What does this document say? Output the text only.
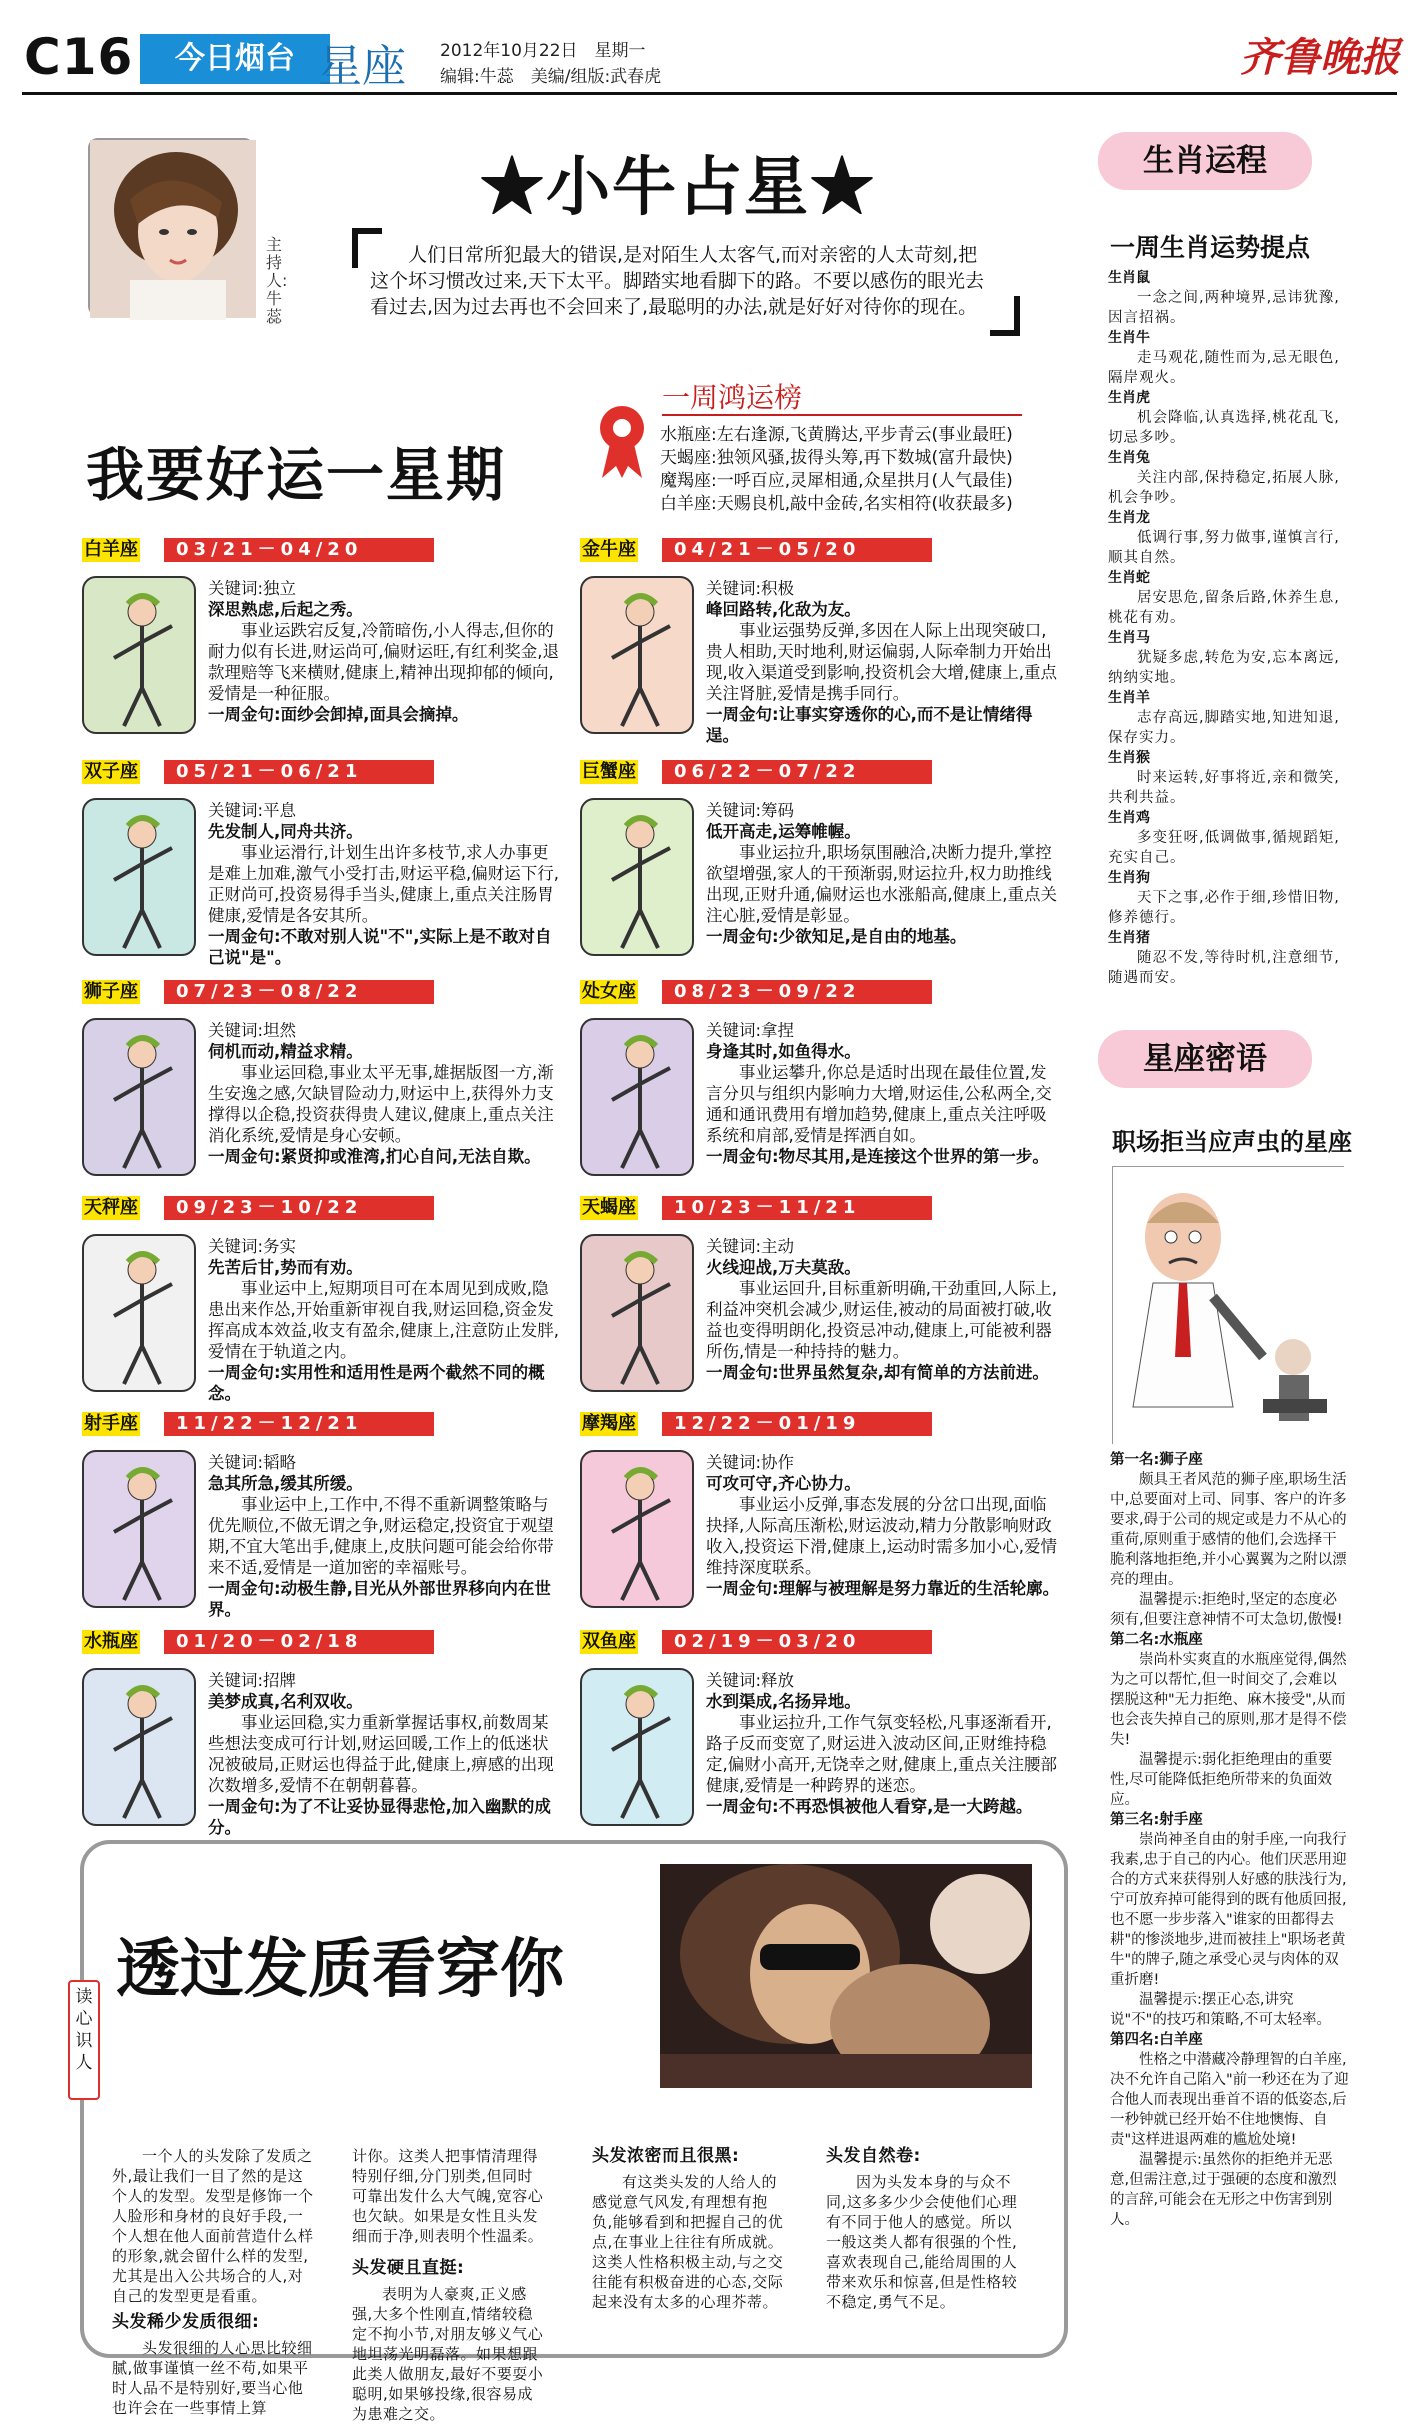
C16	今日烟台 星座 2012年10月22日　星期一
编辑:牛蕊　美编/组版:武春虎	齐鲁晚报
主持人:牛蕊
★小牛占星★
人们日常所犯最大的错误,是对陌生人太客气,而对亲密的人太苛刻,把这个坏习惯改过来,天下太平。脚踏实地看脚下的路。不要以感伤的眼光去看过去,因为过去再也不会回来了,最聪明的办法,就是好好对待你的现在。
一周鸿运榜
水瓶座:左右逢源,飞黄腾达,平步青云(事业最旺)
天蝎座:独领风骚,拔得头筹,再下数城(富升最快)
魔羯座:一呼百应,灵犀相通,众星拱月(人气最佳)
白羊座:天赐良机,敲中金砖,名实相符(收获最多)
我要好运一星期
白羊座	03/21－04/20
关键词:独立
深思熟虑,后起之秀。
事业运跌宕反复,冷箭暗伤,小人得志,但你的耐力似有长进,财运尚可,偏财运旺,有红利奖金,退款理赔等飞来横财,健康上,精神出现抑郁的倾向,爱情是一种征服。
一周金句:面纱会卸掉,面具会摘掉。
金牛座	04/21－05/20
关键词:积极
峰回路转,化敌为友。
事业运强势反弹,多因在人际上出现突破口,贵人相助,天时地利,财运偏弱,人际牵制力开始出现,收入渠道受到影响,投资机会大增,健康上,重点关注肾脏,爱情是携手同行。
一周金句:让事实穿透你的心,而不是让情绪得逞。
双子座	05/21－06/21
关键词:平息
先发制人,同舟共济。
事业运滑行,计划生出许多枝节,求人办事更是难上加难,激气小受打击,财运平稳,偏财运下行,正财尚可,投资易得手当头,健康上,重点关注肠胃健康,爱情是各安其所。
一周金句:不敢对别人说"不",实际上是不敢对自己说"是"。
巨蟹座	06/22－07/22
关键词:筹码
低开高走,运筹帷幄。
事业运拉升,职场氛围融洽,决断力提升,掌控欲望增强,家人的干预渐弱,财运拉升,权力助推线出现,正财升通,偏财运也水涨船高,健康上,重点关注心脏,爱情是彰显。
一周金句:少欲知足,是自由的地基。
狮子座	07/23－08/22
关键词:坦然
伺机而动,精益求精。
事业运回稳,事业太平无事,雄据版图一方,渐生安逸之感,欠缺冒险动力,财运中上,获得外力支撑得以企稳,投资获得贵人建议,健康上,重点关注消化系统,爱情是身心安顿。
一周金句:紧贤抑或淮湾,扪心自问,无法自欺。
处女座	08/23－09/22
关键词:拿捏
身逢其时,如鱼得水。
事业运攀升,你总是适时出现在最佳位置,发言分贝与组织内影响力大增,财运佳,公私两全,交通和通讯费用有增加趋势,健康上,重点关注呼吸系统和肩部,爱情是挥洒自如。
一周金句:物尽其用,是连接这个世界的第一步。
天秤座	09/23－10/22
关键词:务实
先苦后甘,势而有劝。
事业运中上,短期项目可在本周见到成败,隐患出来作怂,开始重新审视自我,财运回稳,资金发挥高成本效益,收支有盈余,健康上,注意防止发胖,爱情在于轨道之内。
一周金句:实用性和适用性是两个截然不同的概念。
天蝎座	10/23－11/21
关键词:主动
火线迎战,万夫莫敌。
事业运回升,目标重新明确,干劲重回,人际上,利益冲突机会减少,财运佳,被动的局面被打破,收益也变得明朗化,投资忌冲动,健康上,可能被利器所伤,情是一种持持的魅力。
一周金句:世界虽然复杂,却有简单的方法前进。
射手座	11/22－12/21
关键词:韬略
急其所急,缓其所缓。
事业运中上,工作中,不得不重新调整策略与优先顺位,不做无谓之争,财运稳定,投资宜于观望期,不宜大笔出手,健康上,皮肤问题可能会给你带来不适,爱情是一道加密的幸福账号。
一周金句:动极生静,目光从外部世界移向内在世界。
摩羯座	12/22－01/19
关键词:协作
可攻可守,齐心协力。
事业运小反弹,事态发展的分岔口出现,面临抉择,人际高压渐松,财运波动,精力分散影响财政收入,投资运下滑,健康上,运动时需多加小心,爱情维持深度联系。
一周金句:理解与被理解是努力靠近的生活轮廓。
水瓶座	01/20－02/18
关键词:招牌
美梦成真,名利双收。
事业运回稳,实力重新掌握话事权,前数周某些想法变成可行计划,财运回暖,工作上的低迷状况被破局,正财运也得益于此,健康上,痹感的出现次数增多,爱情不在朝朝暮暮。
一周金句:为了不让妥协显得悲怆,加入幽默的成分。
双鱼座	02/19－03/20
关键词:释放
水到渠成,名扬异地。
事业运拉升,工作气氛变轻松,凡事逐渐看开,路子反而变宽了,财运进入波动区间,正财维持稳定,偏财小高开,无饶幸之财,健康上,重点关注腰部健康,爱情是一种跨界的迷恋。
一周金句:不再恐惧被他人看穿,是一大跨越。
生肖运程
一周生肖运势提点
生肖鼠
一念之间,两种境界,忌讳犹豫,因言招祸。
生肖牛
走马观花,随性而为,忌无眼色,隔岸观火。
生肖虎
机会降临,认真选择,桃花乱飞,切忌多吵。
生肖兔
关注内部,保持稳定,拓展人脉,机会争吵。
生肖龙
低调行事,努力做事,谨慎言行,顺其自然。
生肖蛇
居安思危,留条后路,休养生息,桃花有劝。
生肖马
犹疑多虑,转危为安,忘本离远,纳纳实地。
生肖羊
志存高远,脚踏实地,知进知退,保存实力。
生肖猴
时来运转,好事将近,亲和微笑,共利共益。
生肖鸡
多变狂呀,低调做事,循规蹈矩,充实自己。
生肖狗
天下之事,必作于细,珍惜旧物,修养德行。
生肖猪
随忍不发,等待时机,注意细节,随遇而安。
星座密语
职场拒当应声虫的星座
第一名:狮子座
颇具王者风范的狮子座,职场生活中,总要面对上司、同事、客户的许多要求,碍于公司的规定或是力不从心的重荷,原则重于感情的他们,会选择干脆利落地拒绝,并小心翼翼为之附以漂亮的理由。
温馨提示:拒绝时,坚定的态度必须有,但要注意神情不可太急切,傲慢!
第二名:水瓶座
崇尚朴实爽直的水瓶座觉得,偶然为之可以帮忙,但一时间交了,会难以摆脱这种"无力拒绝、麻木接受",从而也会丧失掉自己的原则,那才是得不偿失!
温馨提示:弱化拒绝理由的重要性,尽可能降低拒绝所带来的负面效应。
第三名:射手座
崇尚神圣自由的射手座,一向我行我素,忠于自己的内心。他们厌恶用迎合的方式来获得别人好感的肤浅行为,宁可放弃掉可能得到的既有他质回报,也不愿一步步落入"谁家的田都得去耕"的惨淡地步,进而被挂上"职场老黄牛"的牌子,随之承受心灵与肉体的双重折磨!
温馨提示:摆正心态,讲究说"不"的技巧和策略,不可太轻率。
第四名:白羊座
性格之中潜藏冷静理智的白羊座,决不允许自己陷入"前一秒还在为了迎合他人而表现出垂首不语的低姿态,后一秒钟就已经开始不住地懊悔、自责"这样进退两难的尴尬处境!
温馨提示:虽然你的拒绝并无恶意,但需注意,过于强硬的态度和激烈的言辞,可能会在无形之中伤害到别人。
透过发质看穿你
读心识人
一个人的头发除了发质之外,最让我们一目了然的是这个人的发型。发型是修饰一个人脸形和身材的良好手段,一个人想在他人面前营造什么样的形象,就会留什么样的发型,尤其是出入公共场合的人,对自己的发型更是看重。
头发稀少发质很细:
头发很细的人心思比较细腻,做事谨慎一丝不苟,如果平时人品不是特别好,要当心他也许会在一些事情上算
计你。这类人把事情清理得特别仔细,分门别类,但同时可靠出发什么大气魄,宽容心也欠缺。如果是女性且头发细而于净,则表明个性温柔。
头发硬且直挺:
表明为人豪爽,正义感强,大多个性刚直,情绪较稳定不拘小节,对朋友够义气心地坦荡光明磊落。如果想跟此类人做朋友,最好不要耍小聪明,如果够投缘,很容易成为患难之交。
头发浓密而且很黑:
有这类头发的人给人的感觉意气风发,有理想有抱负,能够看到和把握自己的优点,在事业上往往有所成就。这类人性格积极主动,与之交往能有积极奋进的心态,交际起来没有太多的心理芥蒂。
头发自然卷:
因为头发本身的与众不同,这多多少少会使他们心理有不同于他人的感觉。所以一般这类人都有很强的个性,喜欢表现自己,能给周围的人带来欢乐和惊喜,但是性格较不稳定,勇气不足。
